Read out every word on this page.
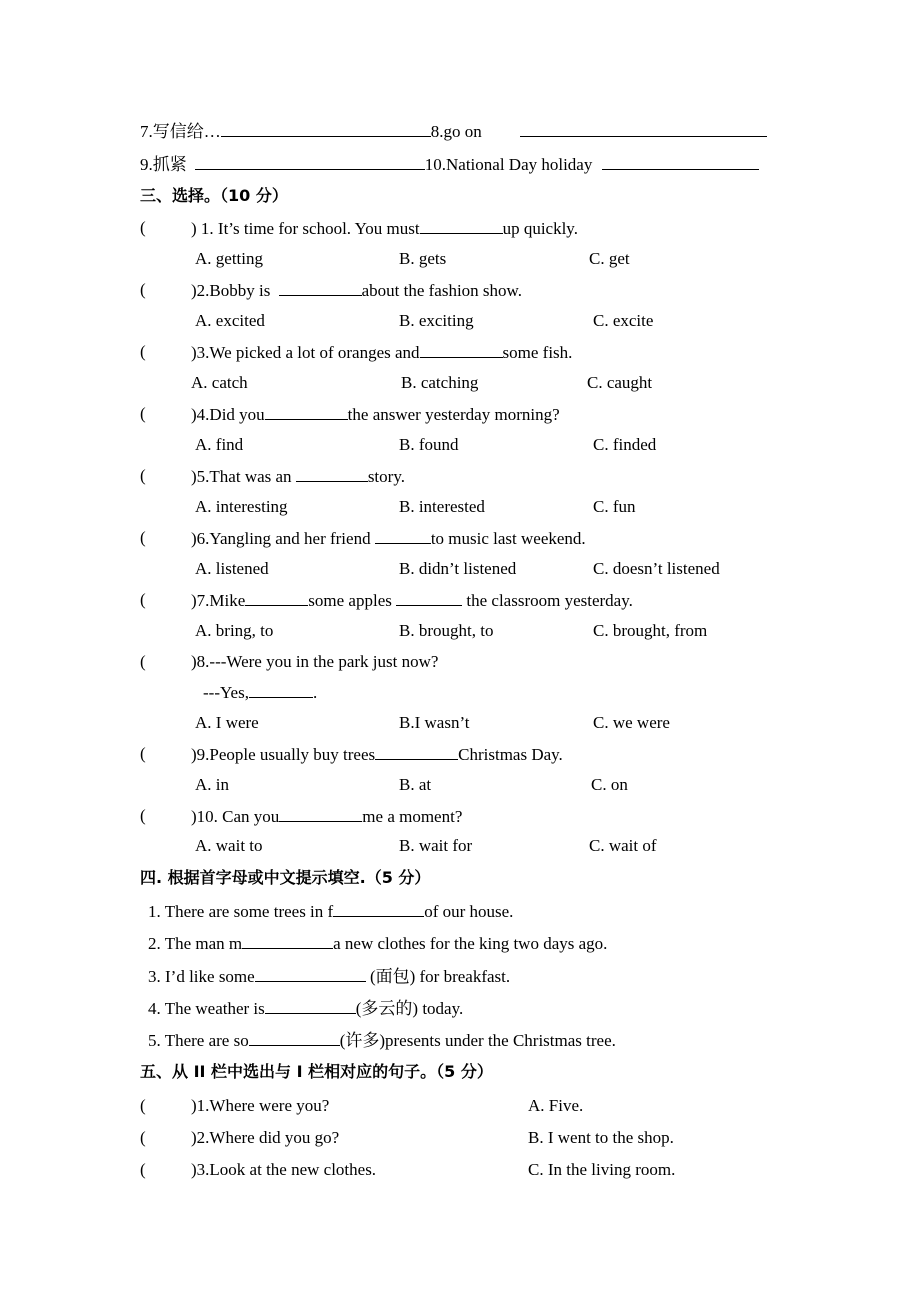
7.写信给…	8.go on
9.抓紧	10.National Day holiday
三、选择。（10 分）
(	) 1. It’s time for school. You must	up quickly.
A. getting	B. gets	C. get
(	)2.Bobby is	about the fashion show.
A. excited	B. exciting	C. excite
(	)3.We picked a lot of oranges and	some fish.
A. catch	B. catching	C. caught
(	)4.Did you	the answer yesterday morning?
A. find	B. found	C. finded
(	)5.That was an	story.
A. interesting	B. interested	C. fun
(	)6.Yangling and her friend	to music last weekend.
A. listened	B. didn’t listened	C. doesn’t listened
(	)7.Mike	some apples	the classroom yesterday.
A. bring, to	B. brought, to	C. brought, from
(	)8.---Were you in the park just now?
---Yes,	.
A. I were	B.I wasn’t	C. we were
(	)9.People usually buy trees	Christmas Day.
A. in	B. at	C. on
(	)10. Can you	me a moment?
A. wait to	B. wait for	C. wait of
四. 根据首字母或中文提示填空.（5 分）
1. There are some trees in f	of our house.
2. The man m	a new clothes for the king two days ago.
3. I’d like some	(面包) for breakfast.
4. The weather is	(多云的) today.
5. There are so	(许多)presents under the Christmas tree.
五、从 II 栏中选出与 I 栏相对应的句子。（5 分）
(	)1.Where were you?	A. Five.
(	)2.Where did you go?	B. I went to the shop.
(	)3.Look at the new clothes.	C. In the living room.
